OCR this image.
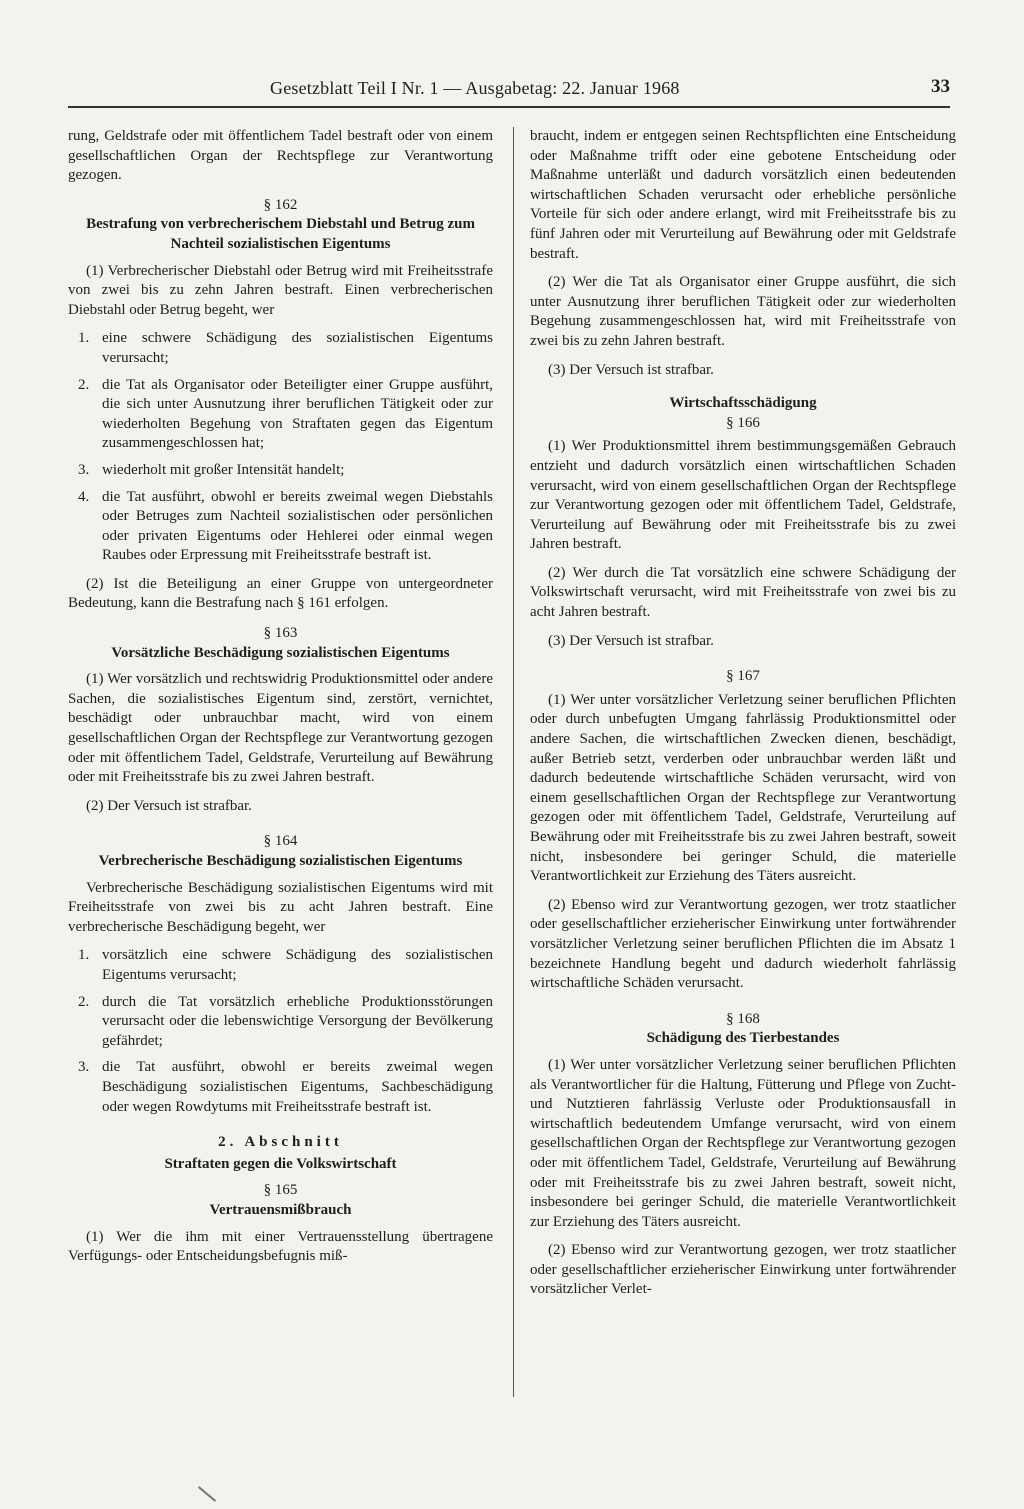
Gesetzblatt Teil I Nr. 1 — Ausgabetag: 22. Januar 1968	33

rung, Geldstrafe oder mit öffentlichem Tadel bestraft oder von einem gesellschaftlichen Organ der Rechtspflege zur Verantwortung gezogen.

§ 162
Bestrafung von verbrecherischem Diebstahl und Betrug zum Nachteil sozialistischen Eigentums

(1) Verbrecherischer Diebstahl oder Betrug wird mit Freiheitsstrafe von zwei bis zu zehn Jahren bestraft. Einen verbrecherischen Diebstahl oder Betrug begeht, wer

1. eine schwere Schädigung des sozialistischen Eigentums verursacht;
2. die Tat als Organisator oder Beteiligter einer Gruppe ausführt, die sich unter Ausnutzung ihrer beruflichen Tätigkeit oder zur wiederholten Begehung von Straftaten gegen das Eigentum zusammengeschlossen hat;
3. wiederholt mit großer Intensität handelt;
4. die Tat ausführt, obwohl er bereits zweimal wegen Diebstahls oder Betruges zum Nachteil sozialistischen oder persönlichen oder privaten Eigentums oder Hehlerei oder einmal wegen Raubes oder Erpressung mit Freiheitsstrafe bestraft ist.

(2) Ist die Beteiligung an einer Gruppe von untergeordneter Bedeutung, kann die Bestrafung nach § 161 erfolgen.

§ 163
Vorsätzliche Beschädigung sozialistischen Eigentums

(1) Wer vorsätzlich und rechtswidrig Produktionsmittel oder andere Sachen, die sozialistisches Eigentum sind, zerstört, vernichtet, beschädigt oder unbrauchbar macht, wird von einem gesellschaftlichen Organ der Rechtspflege zur Verantwortung gezogen oder mit öffentlichem Tadel, Geldstrafe, Verurteilung auf Bewährung oder mit Freiheitsstrafe bis zu zwei Jahren bestraft.

(2) Der Versuch ist strafbar.

§ 164
Verbrecherische Beschädigung sozialistischen Eigentums

Verbrecherische Beschädigung sozialistischen Eigentums wird mit Freiheitsstrafe von zwei bis zu acht Jahren bestraft. Eine verbrecherische Beschädigung begeht, wer

1. vorsätzlich eine schwere Schädigung des sozialistischen Eigentums verursacht;
2. durch die Tat vorsätzlich erhebliche Produktionsstörungen verursacht oder die lebenswichtige Versorgung der Bevölkerung gefährdet;
3. die Tat ausführt, obwohl er bereits zweimal wegen Beschädigung sozialistischen Eigentums, Sachbeschädigung oder wegen Rowdytums mit Freiheitsstrafe bestraft ist.
2. Abschnitt
Straftaten gegen die Volkswirtschaft
§ 165
Vertrauensmißbrauch

(1) Wer die ihm mit einer Vertrauensstellung übertragene Verfügungs- oder Entscheidungsbefugnis miß-

braucht, indem er entgegen seinen Rechtspflichten eine Entscheidung oder Maßnahme trifft oder eine gebotene Entscheidung oder Maßnahme unterläßt und dadurch vorsätzlich einen bedeutenden wirtschaftlichen Schaden verursacht oder erhebliche persönliche Vorteile für sich oder andere erlangt, wird mit Freiheitsstrafe bis zu fünf Jahren oder mit Verurteilung auf Bewährung oder mit Geldstrafe bestraft.

(2) Wer die Tat als Organisator einer Gruppe ausführt, die sich unter Ausnutzung ihrer beruflichen Tätigkeit oder zur wiederholten Begehung zusammengeschlossen hat, wird mit Freiheitsstrafe von zwei bis zu zehn Jahren bestraft.

(3) Der Versuch ist strafbar.

Wirtschaftsschädigung
§ 166

(1) Wer Produktionsmittel ihrem bestimmungsgemäßen Gebrauch entzieht und dadurch vorsätzlich einen wirtschaftlichen Schaden verursacht, wird von einem gesellschaftlichen Organ der Rechtspflege zur Verantwortung gezogen oder mit öffentlichem Tadel, Geldstrafe, Verurteilung auf Bewährung oder mit Freiheitsstrafe bis zu zwei Jahren bestraft.

(2) Wer durch die Tat vorsätzlich eine schwere Schädigung der Volkswirtschaft verursacht, wird mit Freiheitsstrafe von zwei bis zu acht Jahren bestraft.

(3) Der Versuch ist strafbar.

§ 167

(1) Wer unter vorsätzlicher Verletzung seiner beruflichen Pflichten oder durch unbefugten Umgang fahrlässig Produktionsmittel oder andere Sachen, die wirtschaftlichen Zwecken dienen, beschädigt, außer Betrieb setzt, verderben oder unbrauchbar werden läßt und dadurch bedeutende wirtschaftliche Schäden verursacht, wird von einem gesellschaftlichen Organ der Rechtspflege zur Verantwortung gezogen oder mit öffentlichem Tadel, Geldstrafe, Verurteilung auf Bewährung oder mit Freiheitsstrafe bis zu zwei Jahren bestraft, soweit nicht, insbesondere bei geringer Schuld, die materielle Verantwortlichkeit zur Erziehung des Täters ausreicht.

(2) Ebenso wird zur Verantwortung gezogen, wer trotz staatlicher oder gesellschaftlicher erzieherischer Einwirkung unter fortwährender vorsätzlicher Verletzung seiner beruflichen Pflichten die im Absatz 1 bezeichnete Handlung begeht und dadurch wiederholt fahrlässig wirtschaftliche Schäden verursacht.

§ 168
Schädigung des Tierbestandes

(1) Wer unter vorsätzlicher Verletzung seiner beruflichen Pflichten als Verantwortlicher für die Haltung, Fütterung und Pflege von Zucht- und Nutztieren fahrlässig Verluste oder Produktionsausfall in wirtschaftlich bedeutendem Umfange verursacht, wird von einem gesellschaftlichen Organ der Rechtspflege zur Verantwortung gezogen oder mit öffentlichem Tadel, Geldstrafe, Verurteilung auf Bewährung oder mit Freiheitsstrafe bis zu zwei Jahren bestraft, soweit nicht, insbesondere bei geringer Schuld, die materielle Verantwortlichkeit zur Erziehung des Täters ausreicht.

(2) Ebenso wird zur Verantwortung gezogen, wer trotz staatlicher oder gesellschaftlicher erzieherischer Einwirkung unter fortwährender vorsätzlicher Verlet-
